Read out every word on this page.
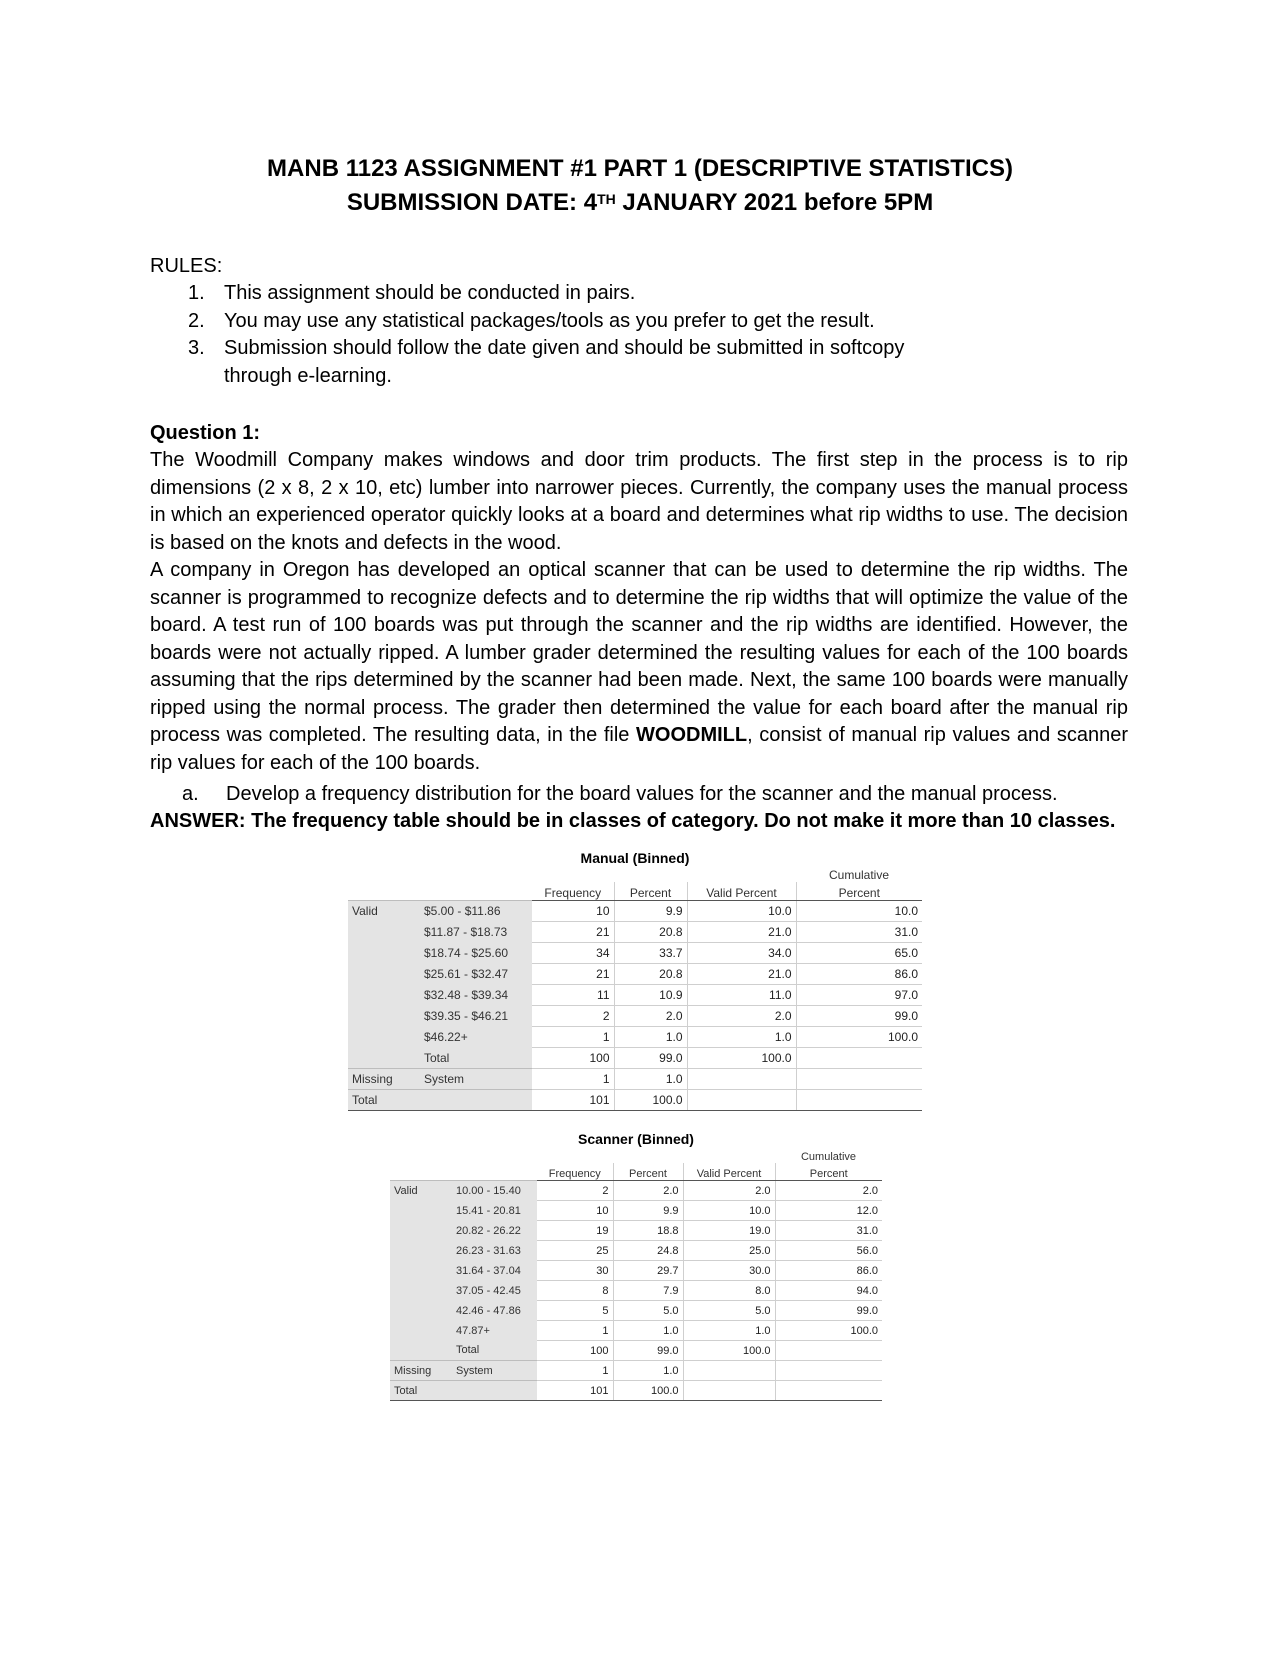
MANB 1123 ASSIGNMENT #1 PART 1 (DESCRIPTIVE STATISTICS)
SUBMISSION DATE: 4TH JANUARY 2021 before 5PM
RULES:
1. This assignment should be conducted in pairs.
2. You may use any statistical packages/tools as you prefer to get the result.
3. Submission should follow the date given and should be submitted in softcopy through e-learning.
Question 1:

The Woodmill Company makes windows and door trim products. The first step in the process is to rip dimensions (2 x 8, 2 x 10, etc) lumber into narrower pieces. Currently, the company uses the manual process in which an experienced operator quickly looks at a board and determines what rip widths to use. The decision is based on the knots and defects in the wood.

A company in Oregon has developed an optical scanner that can be used to determine the rip widths. The scanner is programmed to recognize defects and to determine the rip widths that will optimize the value of the board. A test run of 100 boards was put through the scanner and the rip widths are identified. However, the boards were not actually ripped. A lumber grader determined the resulting values for each of the 100 boards assuming that the rips determined by the scanner had been made. Next, the same 100 boards were manually ripped using the normal process. The grader then determined the value for each board after the manual rip process was completed. The resulting data, in the file WOODMILL, consist of manual rip values and scanner rip values for each of the 100 boards.

a. Develop a frequency distribution for the board values for the scanner and the manual process.
ANSWER: The frequency table should be in classes of category. Do not make it more than 10 classes.
Manual (Binned)
					Cumulative
		Frequency	Percent	Valid Percent	Percent
Valid	$5.00 - $11.86	10	9.9	10.0	10.0
	$11.87 - $18.73	21	20.8	21.0	31.0
	$18.74 - $25.60	34	33.7	34.0	65.0
	$25.61 - $32.47	21	20.8	21.0	86.0
	$32.48 - $39.34	11	10.9	11.0	97.0
	$39.35 - $46.21	2	2.0	2.0	99.0
	$46.22+	1	1.0	1.0	100.0
	Total	100	99.0	100.0	
Missing	System	1	1.0		
Total		101	100.0		
Scanner (Binned)
					Cumulative
		Frequency	Percent	Valid Percent	Percent
Valid	10.00 - 15.40	2	2.0	2.0	2.0
	15.41 - 20.81	10	9.9	10.0	12.0
	20.82 - 26.22	19	18.8	19.0	31.0
	26.23 - 31.63	25	24.8	25.0	56.0
	31.64 - 37.04	30	29.7	30.0	86.0
	37.05 - 42.45	8	7.9	8.0	94.0
	42.46 - 47.86	5	5.0	5.0	99.0
	47.87+	1	1.0	1.0	100.0
	Total	100	99.0	100.0	
Missing	System	1	1.0		
Total		101	100.0		
